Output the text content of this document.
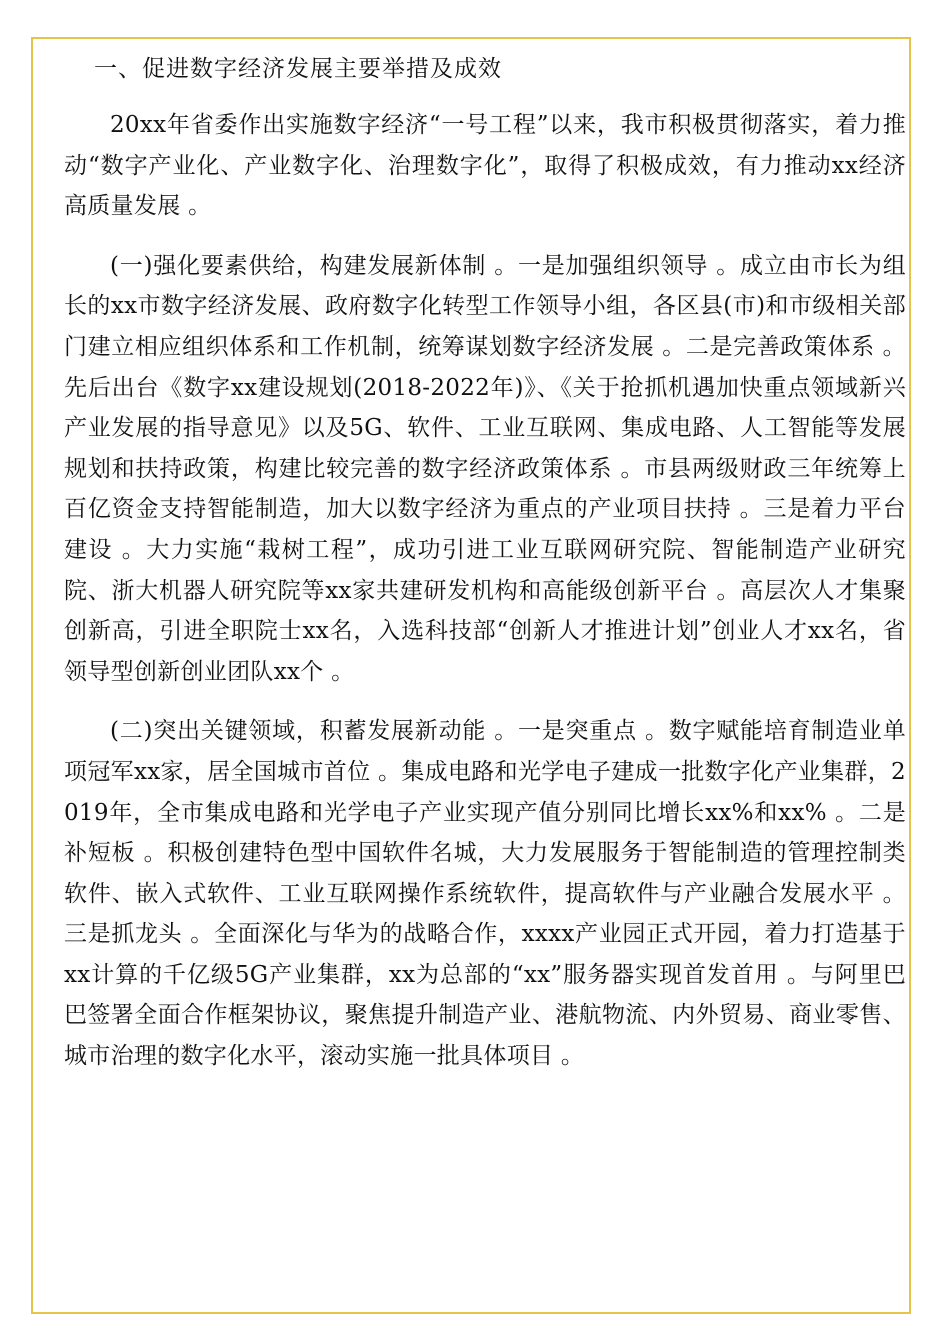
一、促进数字经济发展主要举措及成效

20xx年省委作出实施数字经济“一号工程”以来，我市积极贯彻落实，着力推动“数字产业化、产业数字化、治理数字化”，取得了积极成效，有力推动xx经济高质量发展 。

(一)强化要素供给，构建发展新体制 。一是加强组织领导 。成立由市长为组长的xx市数字经济发展、政府数字化转型工作领导小组，各区县(市)和市级相关部门建立相应组织体系和工作机制，统筹谋划数字经济发展 。二是完善政策体系 。先后出台《数字xx建设规划(2018-2022年)》、《关于抢抓机遇加快重点领域新兴产业发展的指导意见》以及5G、软件、工业互联网、集成电路、人工智能等发展规划和扶持政策，构建比较完善的数字经济政策体系 。市县两级财政三年统筹上百亿资金支持智能制造，加大以数字经济为重点的产业项目扶持 。三是着力平台建设 。大力实施“栽树工程”，成功引进工业互联网研究院、智能制造产业研究院、浙大机器人研究院等xx家共建研发机构和高能级创新平台 。高层次人才集聚创新高，引进全职院士xx名，入选科技部“创新人才推进计划”创业人才xx名，省领导型创新创业团队xx个 。

(二)突出关键领域，积蓄发展新动能 。一是突重点 。数字赋能培育制造业单项冠军xx家，居全国城市首位 。集成电路和光学电子建成一批数字化产业集群，2019年，全市集成电路和光学电子产业实现产值分别同比增长xx%和xx% 。二是补短板 。积极创建特色型中国软件名城，大力发展服务于智能制造的管理控制类软件、嵌入式软件、工业互联网操作系统软件，提高软件与产业融合发展水平 。三是抓龙头 。全面深化与华为的战略合作，xxxx产业园正式开园，着力打造基于xx计算的千亿级5G产业集群，xx为总部的“xx”服务器实现首发首用 。与阿里巴巴签署全面合作框架协议，聚焦提升制造产业、港航物流、内外贸易、商业零售、城市治理的数字化水平，滚动实施一批具体项目 。
